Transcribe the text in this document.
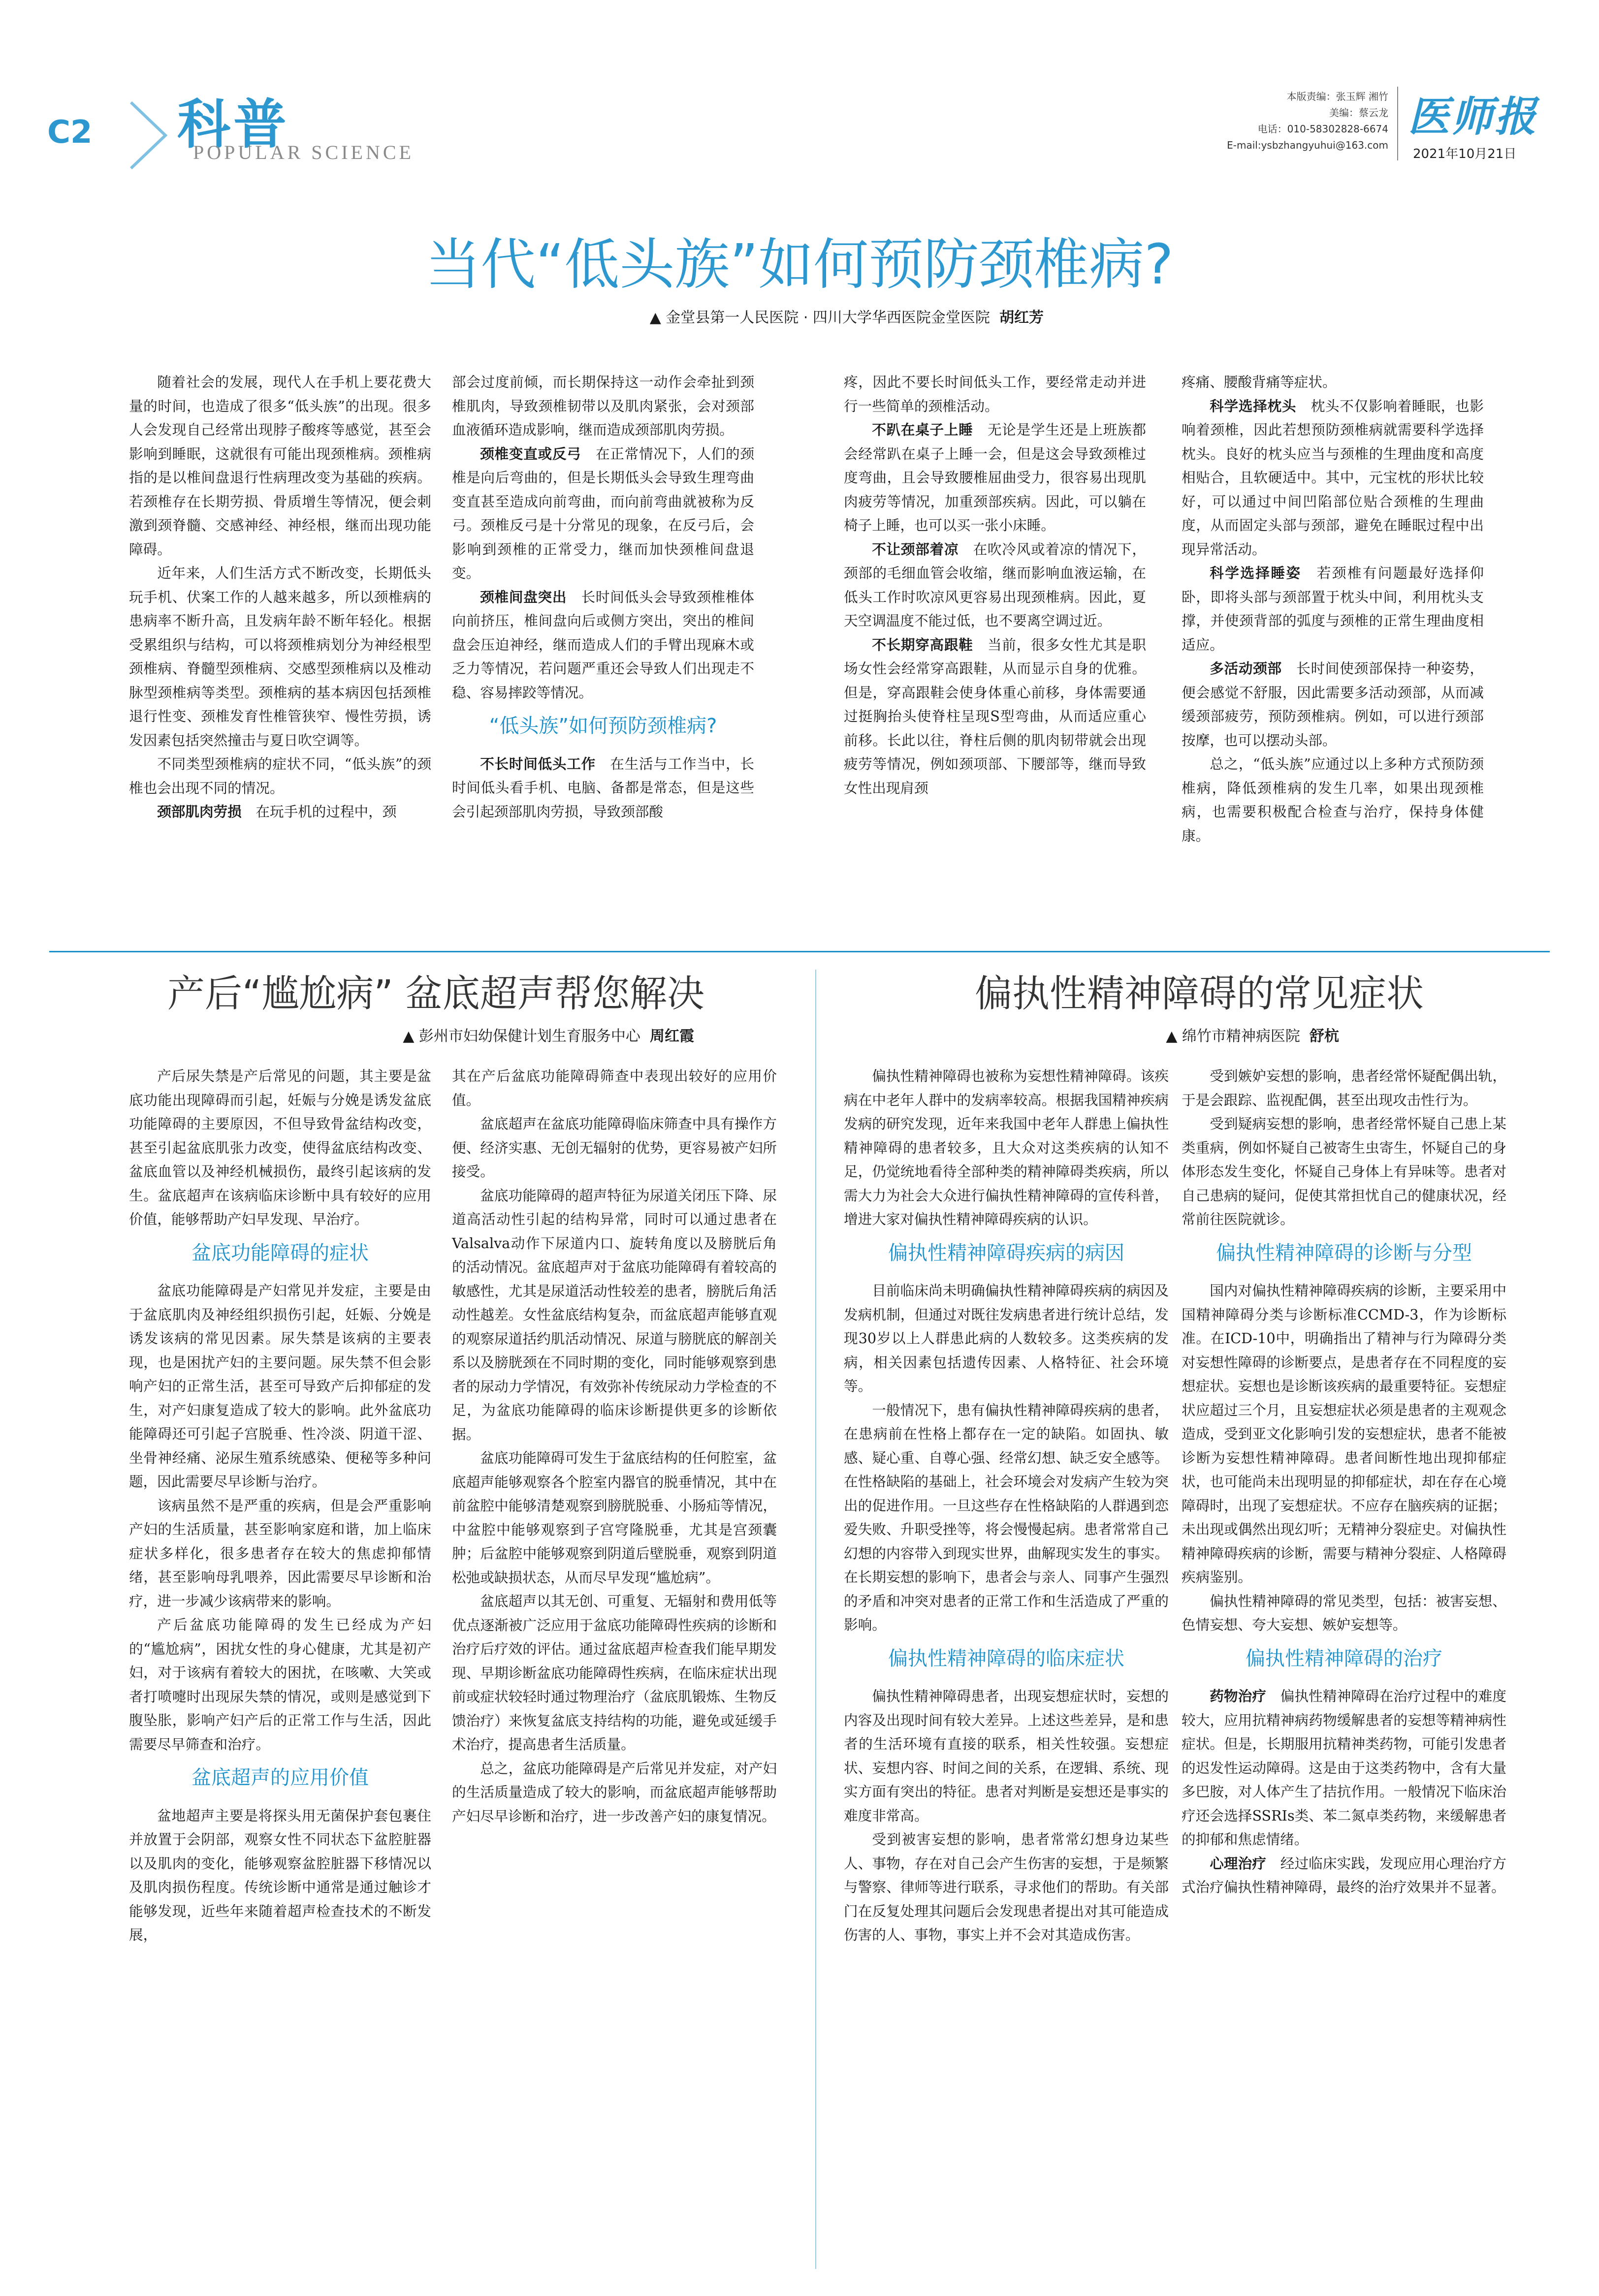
C2 科普
POPULAR SCIENCE
本版责编：张玉辉 湘竹
美编：蔡云龙
电话：010-58302828-6674
E-mail:ysbzhangyuhui@163.com
医师报
2021年10月21日
当代“低头族”如何预防颈椎病?
▲ 金堂县第一人民医院 · 四川大学华西医院金堂医院 胡红芳

随着社会的发展，现代人在手机上要花费大量的时间，也造成了很多“低头族”的出现。很多人会发现自己经常出现脖子酸疼等感觉，甚至会影响到睡眠，这就很有可能出现颈椎病。颈椎病指的是以椎间盘退行性病理改变为基础的疾病。若颈椎存在长期劳损、骨质增生等情况，便会刺激到颈脊髓、交感神经、神经根，继而出现功能障碍。

近年来，人们生活方式不断改变，长期低头玩手机、伏案工作的人越来越多，所以颈椎病的患病率不断升高，且发病年龄不断年轻化。根据受累组织与结构，可以将颈椎病划分为神经根型颈椎病、脊髓型颈椎病、交感型颈椎病以及椎动脉型颈椎病等类型。颈椎病的基本病因包括颈椎退行性变、颈椎发育性椎管狭窄、慢性劳损，诱发因素包括突然撞击与夏日吹空调等。

不同类型颈椎病的症状不同，“低头族”的颈椎也会出现不同的情况。

颈部肌肉劳损　 在玩手机的过程中，颈

部会过度前倾，而长期保持这一动作会牵扯到颈椎肌肉，导致颈椎韧带以及肌肉紧张，会对颈部血液循环造成影响，继而造成颈部肌肉劳损。

颈椎变直或反弓　 在正常情况下，人们的颈椎是向后弯曲的，但是长期低头会导致生理弯曲变直甚至造成向前弯曲，而向前弯曲就被称为反弓。颈椎反弓是十分常见的现象，在反弓后，会影响到颈椎的正常受力，继而加快颈椎间盘退变。

颈椎间盘突出　 长时间低头会导致颈椎椎体向前挤压，椎间盘向后或侧方突出，突出的椎间盘会压迫神经，继而造成人们的手臂出现麻木或乏力等情况，若问题严重还会导致人们出现走不稳、容易摔跤等情况。

“低头族”如何预防颈椎病?

不长时间低头工作　 在生活与工作当中，长时间低头看手机、电脑、备都是常态，但是这些会引起颈部肌肉劳损，导致颈部酸

疼，因此不要长时间低头工作，要经常走动并进行一些简单的颈椎活动。

不趴在桌子上睡　 无论是学生还是上班族都会经常趴在桌子上睡一会，但是这会导致颈椎过度弯曲，且会导致腰椎屈曲受力，很容易出现肌肉疲劳等情况，加重颈部疾病。因此，可以躺在椅子上睡，也可以买一张小床睡。

不让颈部着凉　 在吹冷风或着凉的情况下，颈部的毛细血管会收缩，继而影响血液运输，在低头工作时吹凉风更容易出现颈椎病。因此，夏天空调温度不能过低，也不要离空调过近。

不长期穿高跟鞋　 当前，很多女性尤其是职场女性会经常穿高跟鞋，从而显示自身的优雅。但是，穿高跟鞋会使身体重心前移，身体需要通过挺胸抬头使脊柱呈现S型弯曲，从而适应重心前移。长此以往，脊柱后侧的肌肉韧带就会出现疲劳等情况，例如颈项部、下腰部等，继而导致女性出现肩颈

疼痛、腰酸背痛等症状。

科学选择枕头　 枕头不仅影响着睡眠，也影响着颈椎，因此若想预防颈椎病就需要科学选择枕头。良好的枕头应当与颈椎的生理曲度和高度相贴合，且软硬适中。其中，元宝枕的形状比较好，可以通过中间凹陷部位贴合颈椎的生理曲度，从而固定头部与颈部，避免在睡眠过程中出现异常活动。

科学选择睡姿　 若颈椎有问题最好选择仰卧，即将头部与颈部置于枕头中间，利用枕头支撑，并使颈背部的弧度与颈椎的正常生理曲度相适应。

多活动颈部　 长时间使颈部保持一种姿势，便会感觉不舒服，因此需要多活动颈部，从而减缓颈部疲劳，预防颈椎病。例如，可以进行颈部按摩，也可以摆动头部。

总之，“低头族”应通过以上多种方式预防颈椎病，降低颈椎病的发生几率，如果出现颈椎病，也需要积极配合检查与治疗，保持身体健康。

产后“尴尬病” 盆底超声帮您解决
▲ 彭州市妇幼保健计划生育服务中心 周红霞

产后尿失禁是产后常见的问题，其主要是盆底功能出现障碍而引起，妊娠与分娩是诱发盆底功能障碍的主要原因，不但导致骨盆结构改变，甚至引起盆底肌张力改变，使得盆底结构改变、盆底血管以及神经机械损伤，最终引起该病的发生。盆底超声在该病临床诊断中具有较好的应用价值，能够帮助产妇早发现、早治疗。

盆底功能障碍的症状

盆底功能障碍是产妇常见并发症，主要是由于盆底肌肉及神经组织损伤引起，妊娠、分娩是诱发该病的常见因素。尿失禁是该病的主要表现，也是困扰产妇的主要问题。尿失禁不但会影响产妇的正常生活，甚至可导致产后抑郁症的发生，对产妇康复造成了较大的影响。此外盆底功能障碍还可引起子宫脱垂、性冷淡、阴道干涩、坐骨神经痛、泌尿生殖系统感染、便秘等多种问题，因此需要尽早诊断与治疗。

该病虽然不是严重的疾病，但是会严重影响产妇的生活质量，甚至影响家庭和谐，加上临床症状多样化，很多患者存在较大的焦虑抑郁情绪，甚至影响母乳喂养，因此需要尽早诊断和治疗，进一步减少该病带来的影响。

产后盆底功能障碍的发生已经成为产妇的“尴尬病”，困扰女性的身心健康，尤其是初产妇，对于该病有着较大的困扰，在咳嗽、大笑或者打喷嚏时出现尿失禁的情况，或则是感觉到下腹坠胀，影响产妇产后的正常工作与生活，因此需要尽早筛查和治疗。

盆底超声的应用价值

盆地超声主要是将探头用无菌保护套包裹住并放置于会阴部，观察女性不同状态下盆腔脏器以及肌肉的变化，能够观察盆腔脏器下移情况以及肌肉损伤程度。传统诊断中通常是通过触诊才能够发现，近些年来随着超声检查技术的不断发展，

其在产后盆底功能障碍筛查中表现出较好的应用价值。

盆底超声在盆底功能障碍临床筛查中具有操作方便、经济实惠、无创无辐射的优势，更容易被产妇所接受。

盆底功能障碍的超声特征为尿道关闭压下降、尿道高活动性引起的结构异常，同时可以通过患者在Valsalva动作下尿道内口、旋转角度以及膀胱后角的活动情况。盆底超声对于盆底功能障碍有着较高的敏感性，尤其是尿道活动性较差的患者，膀胱后角活动性越差。女性盆底结构复杂，而盆底超声能够直观的观察尿道括约肌活动情况、尿道与膀胱底的解剖关系以及膀胱颈在不同时期的变化，同时能够观察到患者的尿动力学情况，有效弥补传统尿动力学检查的不足，为盆底功能障碍的临床诊断提供更多的诊断依据。

盆底功能障碍可发生于盆底结构的任何腔室，盆底超声能够观察各个腔室内器官的脱垂情况，其中在前盆腔中能够清楚观察到膀胱脱垂、小肠疝等情况，中盆腔中能够观察到子宫穹隆脱垂，尤其是宫颈囊肿；后盆腔中能够观察到阴道后壁脱垂，观察到阴道松弛或缺损状态，从而尽早发现“尴尬病”。

盆底超声以其无创、可重复、无辐射和费用低等优点逐渐被广泛应用于盆底功能障碍性疾病的诊断和治疗后疗效的评估。通过盆底超声检查我们能早期发现、早期诊断盆底功能障碍性疾病，在临床症状出现前或症状较轻时通过物理治疗（盆底肌锻炼、生物反馈治疗）来恢复盆底支持结构的功能，避免或延缓手术治疗，提高患者生活质量。

总之，盆底功能障碍是产后常见并发症，对产妇的生活质量造成了较大的影响，而盆底超声能够帮助产妇尽早诊断和治疗，进一步改善产妇的康复情况。

偏执性精神障碍的常见症状
▲ 绵竹市精神病医院 舒杭

偏执性精神障碍也被称为妄想性精神障碍。该疾病在中老年人群中的发病率较高。根据我国精神疾病发病的研究发现，近年来我国中老年人群患上偏执性精神障碍的患者较多，且大众对这类疾病的认知不足，仍觉统地看待全部种类的精神障碍类疾病，所以需大力为社会大众进行偏执性精神障碍的宣传科普，增进大家对偏执性精神障碍疾病的认识。

偏执性精神障碍疾病的病因

目前临床尚未明确偏执性精神障碍疾病的病因及发病机制，但通过对既往发病患者进行统计总结，发现30岁以上人群患此病的人数较多。这类疾病的发病，相关因素包括遗传因素、人格特征、社会环境等。

一般情况下，患有偏执性精神障碍疾病的患者，在患病前在性格上都存在一定的缺陷。如固执、敏感、疑心重、自尊心强、经常幻想、缺乏安全感等。在性格缺陷的基础上，社会环境会对发病产生较为突出的促进作用。一旦这些存在性格缺陷的人群遇到恋爱失败、升职受挫等，将会慢慢起病。患者常常自己幻想的内容带入到现实世界，曲解现实发生的事实。在长期妄想的影响下，患者会与亲人、同事产生强烈的矛盾和冲突对患者的正常工作和生活造成了严重的影响。

偏执性精神障碍的临床症状

偏执性精神障碍患者，出现妄想症状时，妄想的内容及出现时间有较大差异。上述这些差异，是和患者的生活环境有直接的联系，相关性较强。妄想症状、妄想内容、时间之间的关系，在逻辑、系统、现实方面有突出的特征。患者对判断是妄想还是事实的难度非常高。

受到被害妄想的影响，患者常常幻想身边某些人、事物，存在对自己会产生伤害的妄想，于是频繁与警察、律师等进行联系，寻求他们的帮助。有关部门在反复处理其问题后会发现患者提出对其可能造成伤害的人、事物，事实上并不会对其造成伤害。

受到嫉妒妄想的影响，患者经常怀疑配偶出轨，于是会跟踪、监视配偶，甚至出现攻击性行为。

受到疑病妄想的影响，患者经常怀疑自己患上某类重病，例如怀疑自己被寄生虫寄生，怀疑自己的身体形态发生变化，怀疑自己身体上有异味等。患者对自己患病的疑问，促使其常担忧自己的健康状况，经常前往医院就诊。

偏执性精神障碍的诊断与分型

国内对偏执性精神障碍疾病的诊断，主要采用中国精神障碍分类与诊断标准CCMD-3，作为诊断标准。在ICD-10中，明确指出了精神与行为障碍分类对妄想性障碍的诊断要点，是患者存在不同程度的妄想症状。妄想也是诊断该疾病的最重要特征。妄想症状应超过三个月，且妄想症状必须是患者的主观观念造成，受到亚文化影响引发的妄想症状，患者不能被诊断为妄想性精神障碍。患者间断性地出现抑郁症状，也可能尚未出现明显的抑郁症状，却在存在心境障碍时，出现了妄想症状。不应存在脑疾病的证据；未出现或偶然出现幻听；无精神分裂症史。对偏执性精神障碍疾病的诊断，需要与精神分裂症、人格障碍疾病鉴别。

偏执性精神障碍的常见类型，包括：被害妄想、色情妄想、夸大妄想、嫉妒妄想等。

偏执性精神障碍的治疗

药物治疗　 偏执性精神障碍在治疗过程中的难度较大，应用抗精神病药物缓解患者的妄想等精神病性症状。但是，长期服用抗精神类药物，可能引发患者的迟发性运动障碍。这是由于这类药物中，含有大量多巴胺，对人体产生了拮抗作用。一般情况下临床治疗还会选择SSRIs类、苯二氮卓类药物，来缓解患者的抑郁和焦虑情绪。

心理治疗　 经过临床实践，发现应用心理治疗方式治疗偏执性精神障碍，最终的治疗效果并不显著。
